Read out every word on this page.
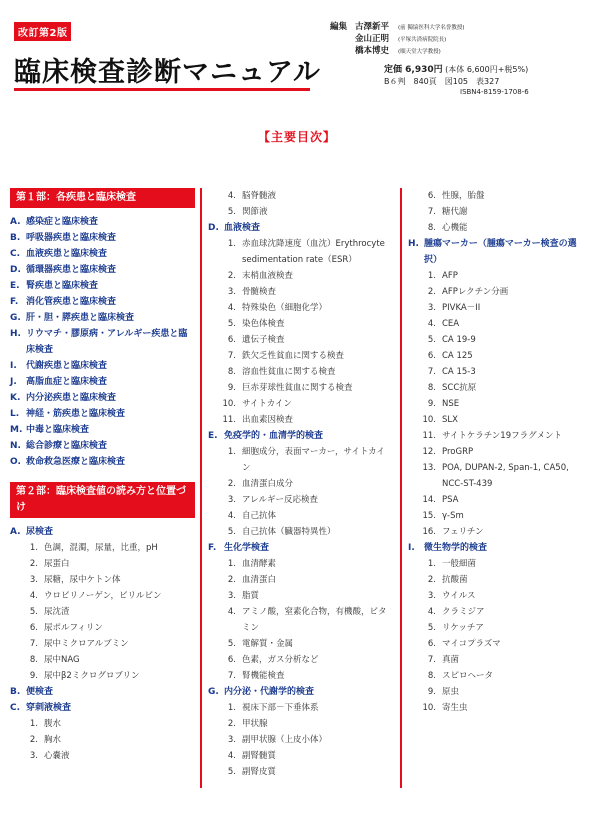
改訂第2版
臨床検査診断マニュアル
編集 古澤新平 (前 獨協医科大学名誉教授)
金山正明 (平塚共済病院院長)
橋本博史 (順天堂大学教授)
定価 6,930円 (本体 6,600円+税5%)
B６判　840頁　図105　表327
ISBN4-8159-1708-6
【主要目次】
第１部：各疾患と臨床検査
A. 感染症と臨床検査
B. 呼吸器疾患と臨床検査
C. 血液疾患と臨床検査
D. 循環器疾患と臨床検査
E. 腎疾患と臨床検査
F. 消化管疾患と臨床検査
G. 肝・胆・膵疾患と臨床検査
H. リウマチ・膠原病・アレルギー疾患と臨床検査
I.	代謝疾患と臨床検査
J.	高脂血症と臨床検査
K. 内分泌疾患と臨床検査
L. 神経・筋疾患と臨床検査
M. 中毒と臨床検査
N. 総合診療と臨床検査
O. 救命救急医療と臨床検査
第２部：臨床検査値の読み方と位置づけ
A. 尿検査
1. 色調，混濁，尿量，比重，pH
2. 尿蛋白
3. 尿糖，尿中ケトン体
4. ウロビリノーゲン，ビリルビン
5. 尿沈渣
6. 尿ポルフィリン
7. 尿中ミクロアルブミン
8. 尿中NAG
9. 尿中β2ミクログロブリン
B. 便検査
C. 穿刺液検査
1. 腹水
2. 胸水
3. 心嚢液
4. 脳脊髄液
5. 関節液
D. 血液検査
1. 赤血球沈降速度（血沈）Erythrocyte sedimentation rate（ESR）
2. 末梢血液検査
3. 骨髄検査
4. 特殊染色（細胞化学）
5. 染色体検査
6. 遺伝子検査
7. 鉄欠乏性貧血に関する検査
8. 溶血性貧血に関する検査
9. 巨赤芽球性貧血に関する検査
10. サイトカイン
11. 出血素因検査
E. 免疫学的・血清学的検査
1. 細胞成分，表面マーカー，サイトカイン
2. 血清蛋白成分
3. アレルギー反応検査
4. 自己抗体
5. 自己抗体（臓器特異性）
F. 生化学検査
1. 血清酵素
2. 血清蛋白
3. 脂質
4. アミノ酸，窒素化合物，有機酸，ビタミン
5. 電解質・金属
6. 色素，ガス分析など
7. 腎機能検査
G. 内分泌・代謝学的検査
1. 視床下部－下垂体系
2. 甲状腺
3. 副甲状腺（上皮小体）
4. 副腎髄質
5. 副腎皮質
6. 性腺，胎盤
7. 糖代謝
8. 心機能
H. 腫瘍マーカー（腫瘍マーカー検査の選択）
1. AFP
2. AFPレクチン分画
3. PIVKA－II
4. CEA
5. CA 19-9
6. CA 125
7. CA 15-3
8. SCC抗原
9. NSE
10. SLX
11. サイトケラチン19フラグメント
12. ProGRP
13. POA, DUPAN-2, Span-1, CA50, NCC-ST-439
14. PSA
15. γ-Sm
16. フェリチン
I.	微生物学的検査
1. 一般細菌
2. 抗酸菌
3. ウイルス
4. クラミジア
5. リケッチア
6. マイコプラズマ
7. 真菌
8. スピロヘータ
9. 原虫
10. 寄生虫
